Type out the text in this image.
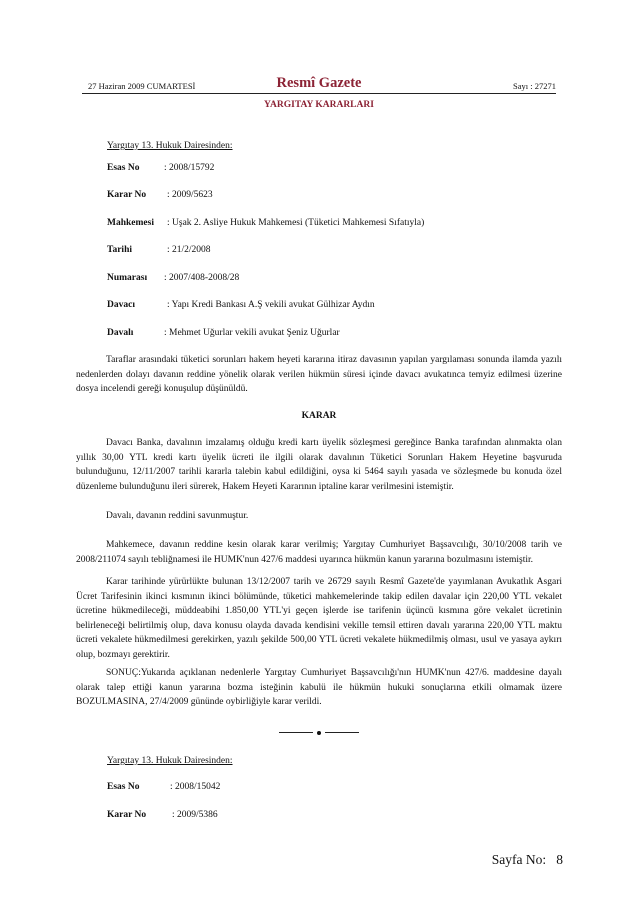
27 Haziran 2009 CUMARTESİ	Resmî Gazete	Sayı : 27271
YARGITAY KARARLARI
Yargıtay 13. Hukuk Dairesinden:
Esas No	: 2008/15792
Karar No : 2009/5623
Mahkemesi : Uşak 2. Asliye Hukuk Mahkemesi (Tüketici Mahkemesi Sıfatıyla)
Tarihi	: 21/2/2008
Numarası : 2007/408-2008/28
Davacı	: Yapı Kredi Bankası A.Ş vekili avukat Gülhizar Aydın
Davalı	: Mehmet Uğurlar vekili avukat Şeniz Uğurlar
Taraflar arasındaki tüketici sorunları hakem heyeti kararına itiraz davasının yapılan yargılaması sonunda ilamda yazılı nedenlerden dolayı davanın reddine yönelik olarak verilen hükmün süresi içinde davacı avukatınca temyiz edilmesi üzerine dosya incelendi gereği konuşulup düşünüldü.
KARAR
Davacı Banka, davalının imzalamış olduğu kredi kartı üyelik sözleşmesi gereğince Banka tarafından alınmakta olan yıllık 30,00 YTL kredi kartı üyelik ücreti ile ilgili olarak davalının Tüketici Sorunları Hakem Heyetine başvuruda bulunduğunu, 12/11/2007 tarihli kararla talebin kabul edildiğini, oysa ki 5464 sayılı yasada ve sözleşmede bu konuda özel düzenleme bulunduğunu ileri sürerek, Hakem Heyeti Kararının iptaline karar verilmesini istemiştir.
Davalı, davanın reddini savunmuştur.
Mahkemece, davanın reddine kesin olarak karar verilmiş; Yargıtay Cumhuriyet Başsavcılığı, 30/10/2008 tarih ve 2008/211074 sayılı tebliğnamesi ile HUMK'nun 427/6 maddesi uyarınca hükmün kanun yararına bozulmasını istemiştir.
Karar tarihinde yürürlükte bulunan 13/12/2007 tarih ve 26729 sayılı Resmî Gazete'de yayımlanan Avukatlık Asgari Ücret Tarifesinin ikinci kısmının ikinci bölümünde, tüketici mahkemelerinde takip edilen davalar için 220,00 YTL vekalet ücretine hükmedileceği, müddeabihi 1.850,00 YTL'yi geçen işlerde ise tarifenin üçüncü kısmına göre vekalet ücretinin belirleneceği belirtilmiş olup, dava konusu olayda davada kendisini vekille temsil ettiren davalı yararına 220,00 YTL maktu ücreti vekalete hükmedilmesi gerekirken, yazılı şekilde 500,00 YTL ücreti vekalete hükmedilmiş olması, usul ve yasaya aykırı olup, bozmayı gerektirir.
SONUÇ:Yukarıda açıklanan nedenlerle Yargıtay Cumhuriyet Başsavcılığı'nın HUMK'nun 427/6. maddesine dayalı olarak talep ettiği kanun yararına bozma isteğinin kabulü ile hükmün hukuki sonuçlarına etkili olmamak üzere BOZULMASINA, 27/4/2009 gününde oybirliğiyle karar verildi.
Yargıtay 13. Hukuk Dairesinden:
Esas No	: 2008/15042
Karar No	: 2009/5386
Sayfa No: 8
